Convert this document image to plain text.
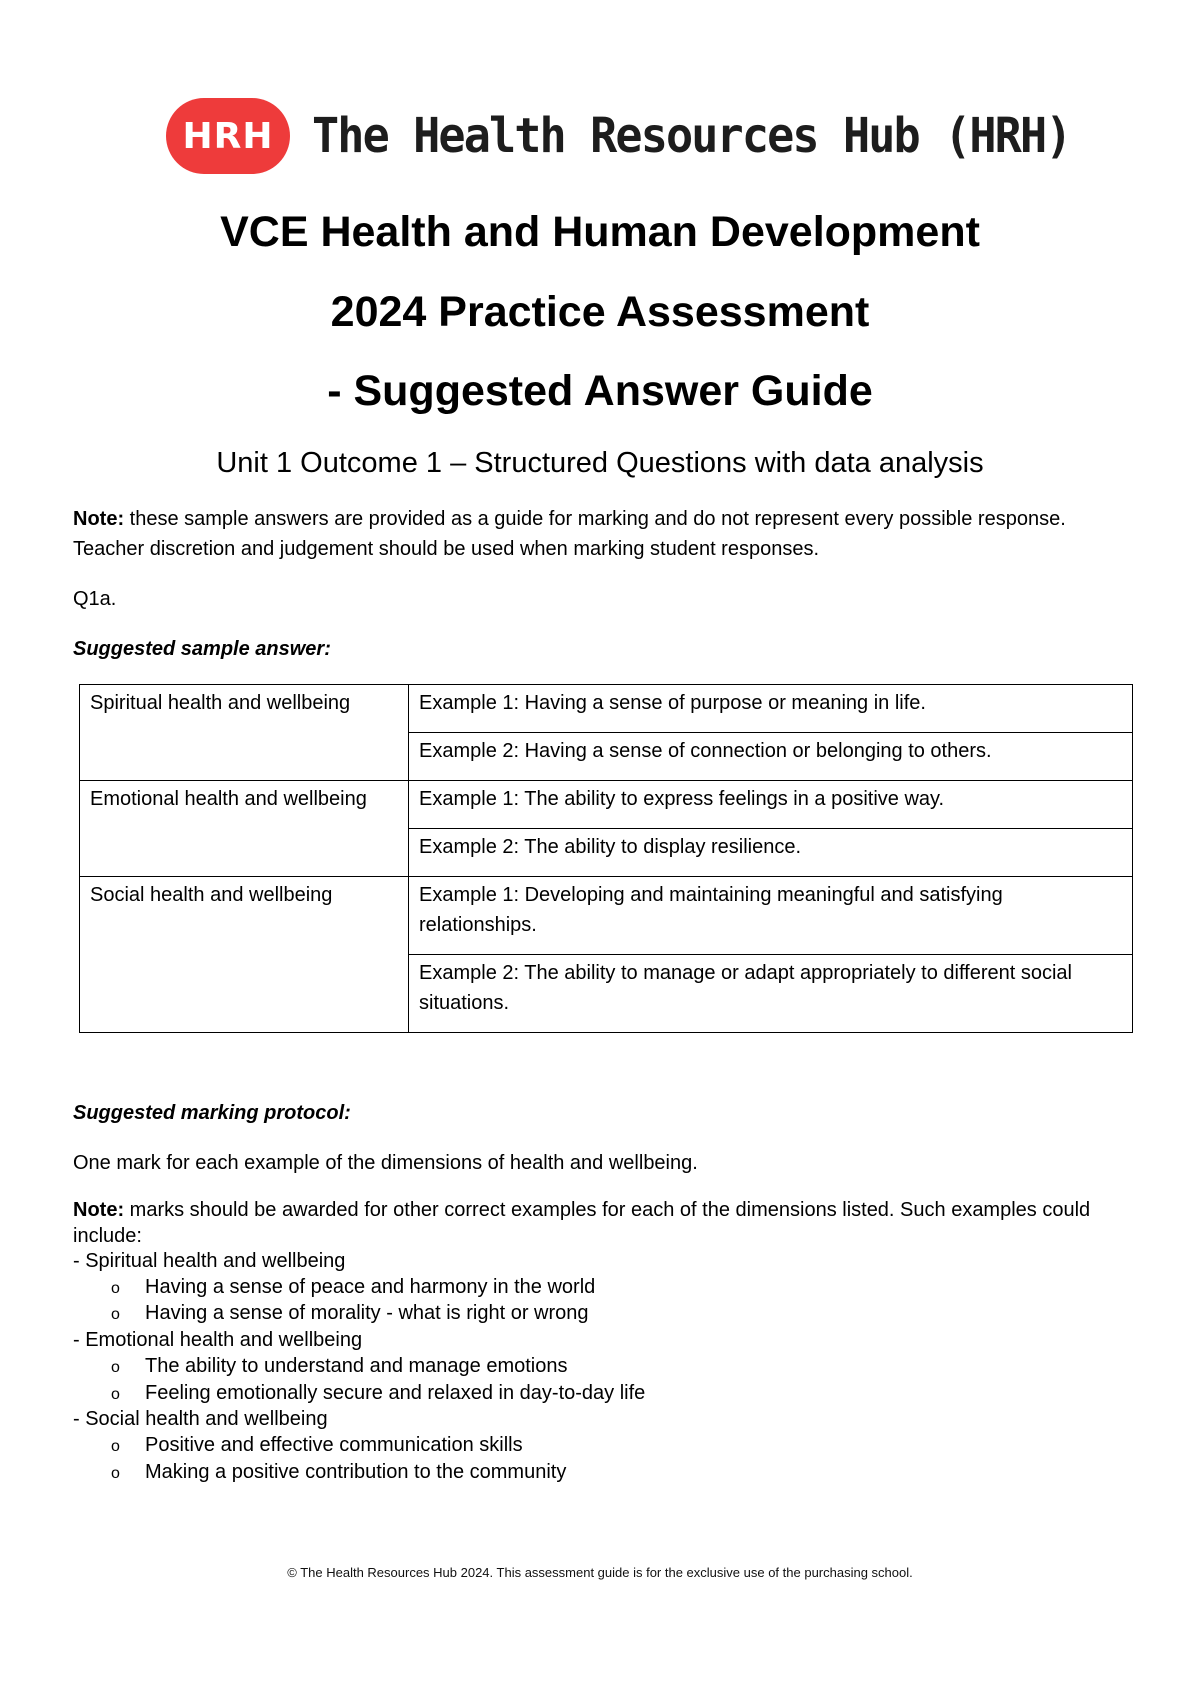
HRH The Health Resources Hub (HRH)
VCE Health and Human Development
2024 Practice Assessment
- Suggested Answer Guide
Unit 1 Outcome 1 – Structured Questions with data analysis
Note: these sample answers are provided as a guide for marking and do not represent every possible response. Teacher discretion and judgement should be used when marking student responses.
Q1a.
Suggested sample answer:
Spiritual health and wellbeing	Example 1: Having a sense of purpose or meaning in life.
	Example 2: Having a sense of connection or belonging to others.
Emotional health and wellbeing	Example 1: The ability to express feelings in a positive way.
	Example 2: The ability to display resilience.
Social health and wellbeing	Example 1: Developing and maintaining meaningful and satisfying relationships.
	Example 2: The ability to manage or adapt appropriately to different social situations.
Suggested marking protocol:
One mark for each example of the dimensions of health and wellbeing.
Note: marks should be awarded for other correct examples for each of the dimensions listed. Such examples could include:
- Spiritual health and wellbeing
o Having a sense of peace and harmony in the world
o Having a sense of morality - what is right or wrong
- Emotional health and wellbeing
o The ability to understand and manage emotions
o Feeling emotionally secure and relaxed in day-to-day life
- Social health and wellbeing
o Positive and effective communication skills
o Making a positive contribution to the community
© The Health Resources Hub 2024. This assessment guide is for the exclusive use of the purchasing school.
